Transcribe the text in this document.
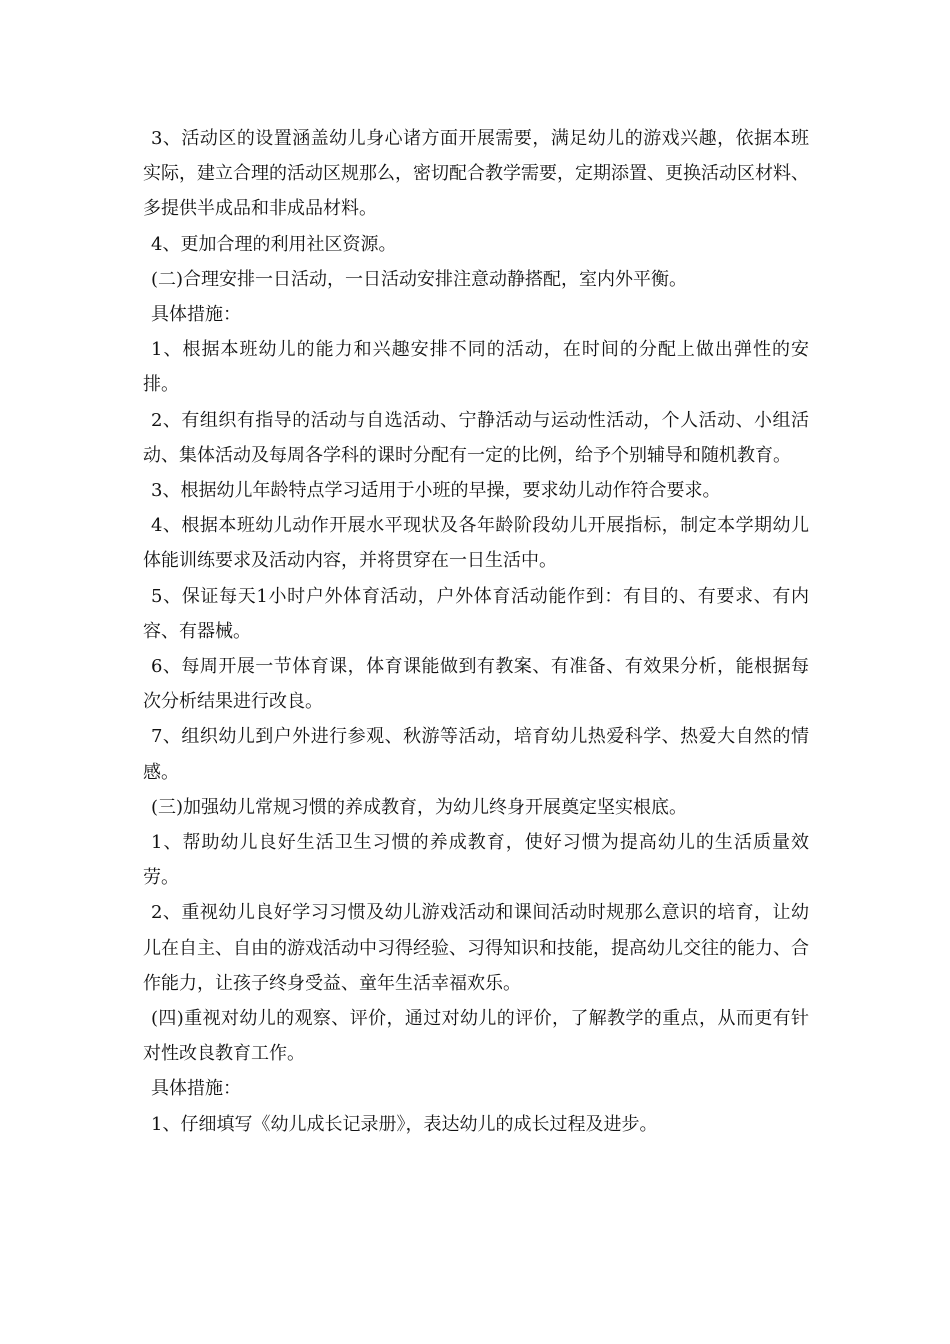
3、活动区的设置涵盖幼儿身心诸方面开展需要，满足幼儿的游戏兴趣，依据本班实际，建立合理的活动区规那么，密切配合教学需要，定期添置、更换活动区材料、多提供半成品和非成品材料。

4、更加合理的利用社区资源。

(二)合理安排一日活动，一日活动安排注意动静搭配，室内外平衡。

具体措施：

1、根据本班幼儿的能力和兴趣安排不同的活动，在时间的分配上做出弹性的安排。

2、有组织有指导的活动与自选活动、宁静活动与运动性活动，个人活动、小组活动、集体活动及每周各学科的课时分配有一定的比例，给予个别辅导和随机教育。

3、根据幼儿年龄特点学习适用于小班的早操，要求幼儿动作符合要求。

4、根据本班幼儿动作开展水平现状及各年龄阶段幼儿开展指标，制定本学期幼儿体能训练要求及活动内容，并将贯穿在一日生活中。

5、保证每天1小时户外体育活动，户外体育活动能作到：有目的、有要求、有内容、有器械。

6、每周开展一节体育课，体育课能做到有教案、有准备、有效果分析，能根据每次分析结果进行改良。

7、组织幼儿到户外进行参观、秋游等活动，培育幼儿热爱科学、热爱大自然的情感。

(三)加强幼儿常规习惯的养成教育，为幼儿终身开展奠定坚实根底。

1、帮助幼儿良好生活卫生习惯的养成教育，使好习惯为提高幼儿的生活质量效劳。

2、重视幼儿良好学习习惯及幼儿游戏活动和课间活动时规那么意识的培育，让幼儿在自主、自由的游戏活动中习得经验、习得知识和技能，提高幼儿交往的能力、合作能力，让孩子终身受益、童年生活幸福欢乐。

(四)重视对幼儿的观察、评价，通过对幼儿的评价，了解教学的重点，从而更有针对性改良教育工作。

具体措施：

1、仔细填写《幼儿成长记录册》，表达幼儿的成长过程及进步。
